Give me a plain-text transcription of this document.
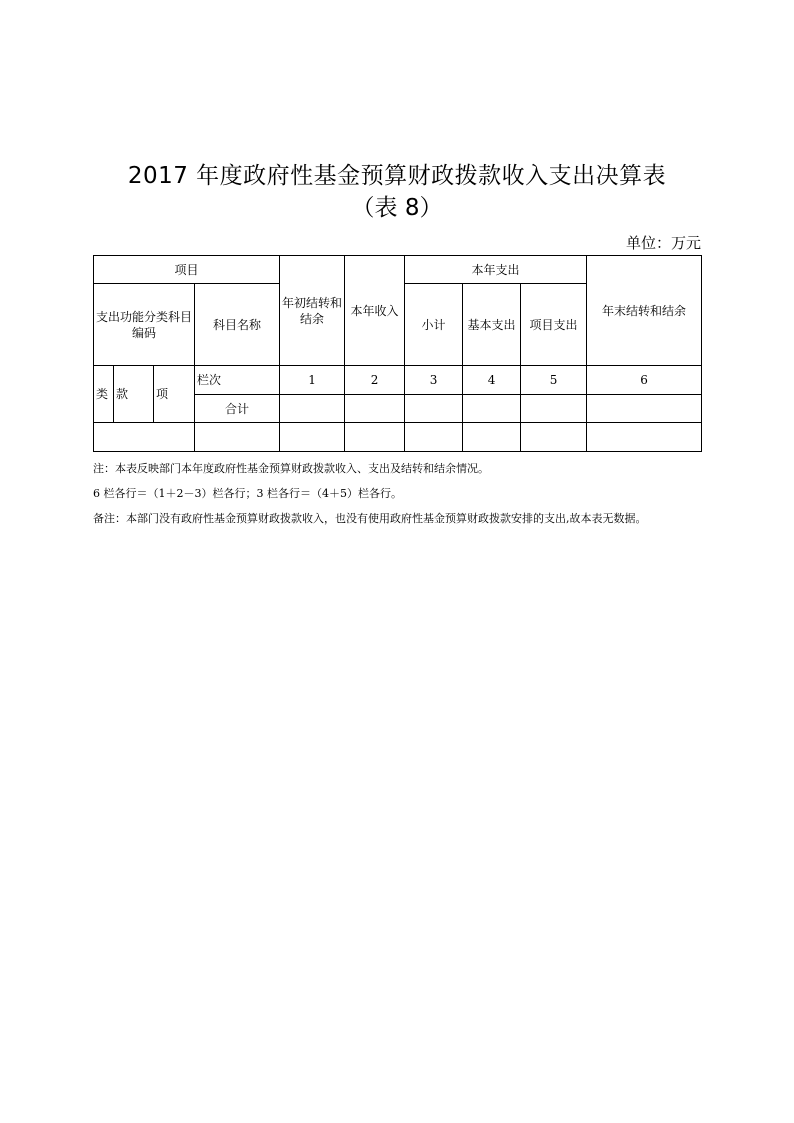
2017 年度政府性基金预算财政拨款收入支出决算表
（表 8）
单位：万元
项目				年初结转和结余	本年收入	本年支出			年末结转和结余
支出功能分类科目编码			科目名称			小计	基本支出	项目支出	

类	款	项	栏次	1	2	3	4	5	6
			合计						

注：本表反映部门本年度政府性基金预算财政拨款收入、支出及结转和结余情况。
6 栏各行＝（1＋2－3）栏各行；3 栏各行＝（4＋5）栏各行。
备注：本部门没有政府性基金预算财政拨款收入，也没有使用政府性基金预算财政拨款安排的支出,故本表无数据。
